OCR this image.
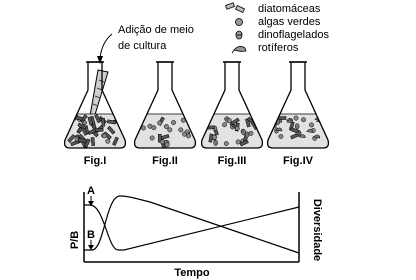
Adição de meio
de cultura
diatomáceas
algas verdes
dinoflagelados
rotíferos
Fig.I	Fig.II	Fig.III	Fig.IV
A
B
P/B	Diversidade
Tempo
